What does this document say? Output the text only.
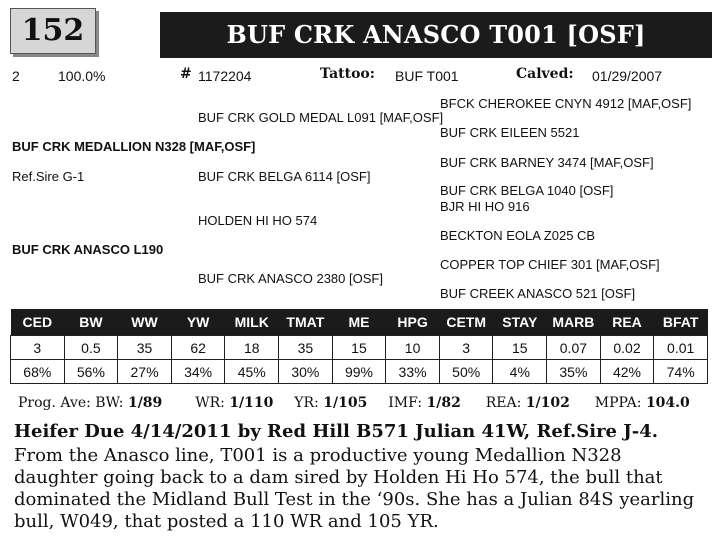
152	BUF CRK ANASCO T001 [OSF]
2	100.0%	# 1172204	Tattoo: BUF T001	Calved: 01/29/2007
BUF CRK GOLD MEDAL L091 [MAF,OSF]
BFCK CHEROKEE CNYN 4912 [MAF,OSF]
BUF CRK EILEEN 5521
BUF CRK MEDALLION N328 [MAF,OSF]
BUF CRK BARNEY 3474 [MAF,OSF]
Ref.Sire G-1	BUF CRK BELGA 6114 [OSF]
BUF CRK BELGA 1040 [OSF]
BJR HI HO 916
HOLDEN HI HO 574
BECKTON EOLA Z025 CB
BUF CRK ANASCO L190
COPPER TOP CHIEF 301 [MAF,OSF]
BUF CRK ANASCO 2380 [OSF]
BUF CREEK ANASCO 521 [OSF]
CED	BW	WW	YW	MILK	TMAT	ME	HPG	CETM	STAY	MARB	REA	BFAT
3	0.5	35	62	18	35	15	10	3	15	0.07	0.02	0.01
68%	56%	27%	34%	45%	30%	99%	33%	50%	4%	35%	42%	74%
Prog. Ave: BW: 1/89 WR: 1/110 YR: 1/105 IMF: 1/82 REA: 1/102 MPPA: 104.0
Heifer Due 4/14/2011 by Red Hill B571 Julian 41W, Ref.Sire J-4.
From the Anasco line, T001 is a productive young Medallion N328 daughter going back to a dam sired by Holden Hi Ho 574, the bull that dominated the Midland Bull Test in the ‘90s. She has a Julian 84S yearling bull, W049, that posted a 110 WR and 105 YR.
